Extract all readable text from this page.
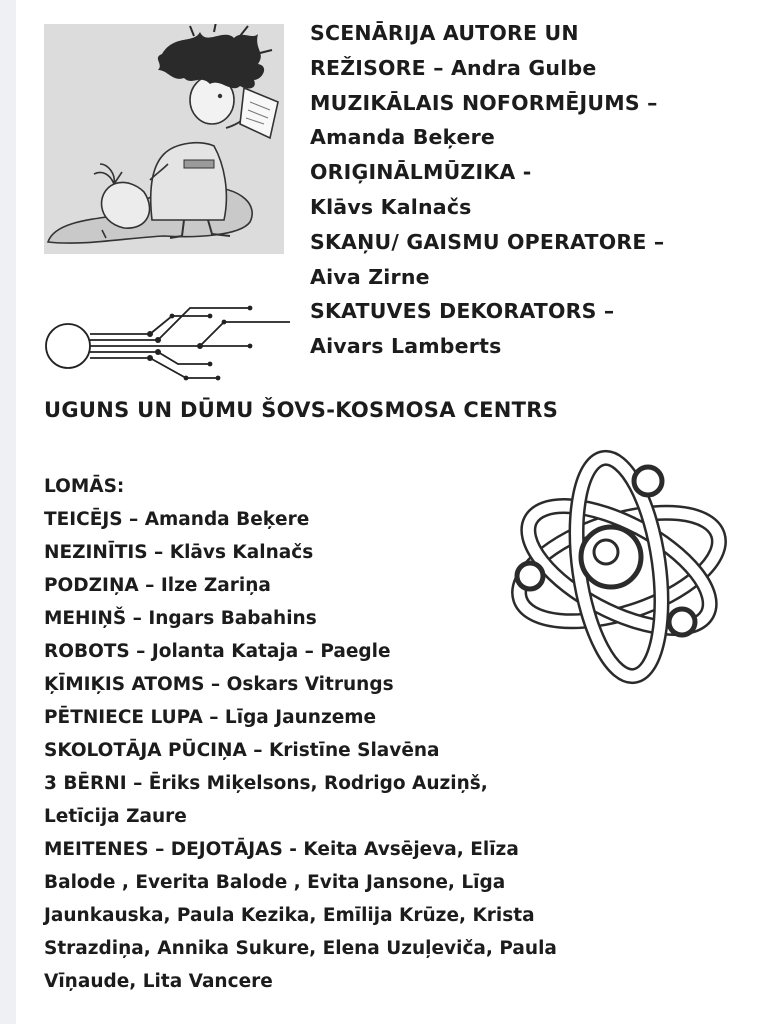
SCENĀRIJA AUTORE UN
REŽISORE – Andra Gulbe
MUZIKĀLAIS NOFORMĒJUMS –
Amanda Beķere
ORIĢINĀLMŪZIKA -
Klāvs Kalnačs
SKAŅU/ GAISMU OPERATORE –
Aiva Zirne
SKATUVES DEKORATORS –
Aivars Lamberts
UGUNS UN DŪMU ŠOVS-KOSMOSA CENTRS

LOMĀS:

TEICĒJS – Amanda Beķere
NEZINĪTIS – Klāvs Kalnačs
PODZIŅA – Ilze Zariņa
MEHIŅŠ – Ingars Babahins
ROBOTS – Jolanta Kataja – Paegle
ĶĪMIĶIS ATOMS – Oskars Vitrungs
PĒTNIECE LUPA – Līga Jaunzeme
SKOLOTĀJA PŪCIŅA – Kristīne Slavēna
3 BĒRNI – Ēriks Miķelsons, Rodrigo Auziņš,
Letīcija Zaure
MEITENES – DEJOTĀJAS - Keita Avsējeva, Elīza
Balode , Everita Balode , Evita Jansone, Līga
Jaunkauska, Paula Kezika, Emīlija Krūze, Krista
Strazdiņa, Annika Sukure, Elena Uzuļeviča, Paula
Vīņaude, Lita Vancere
